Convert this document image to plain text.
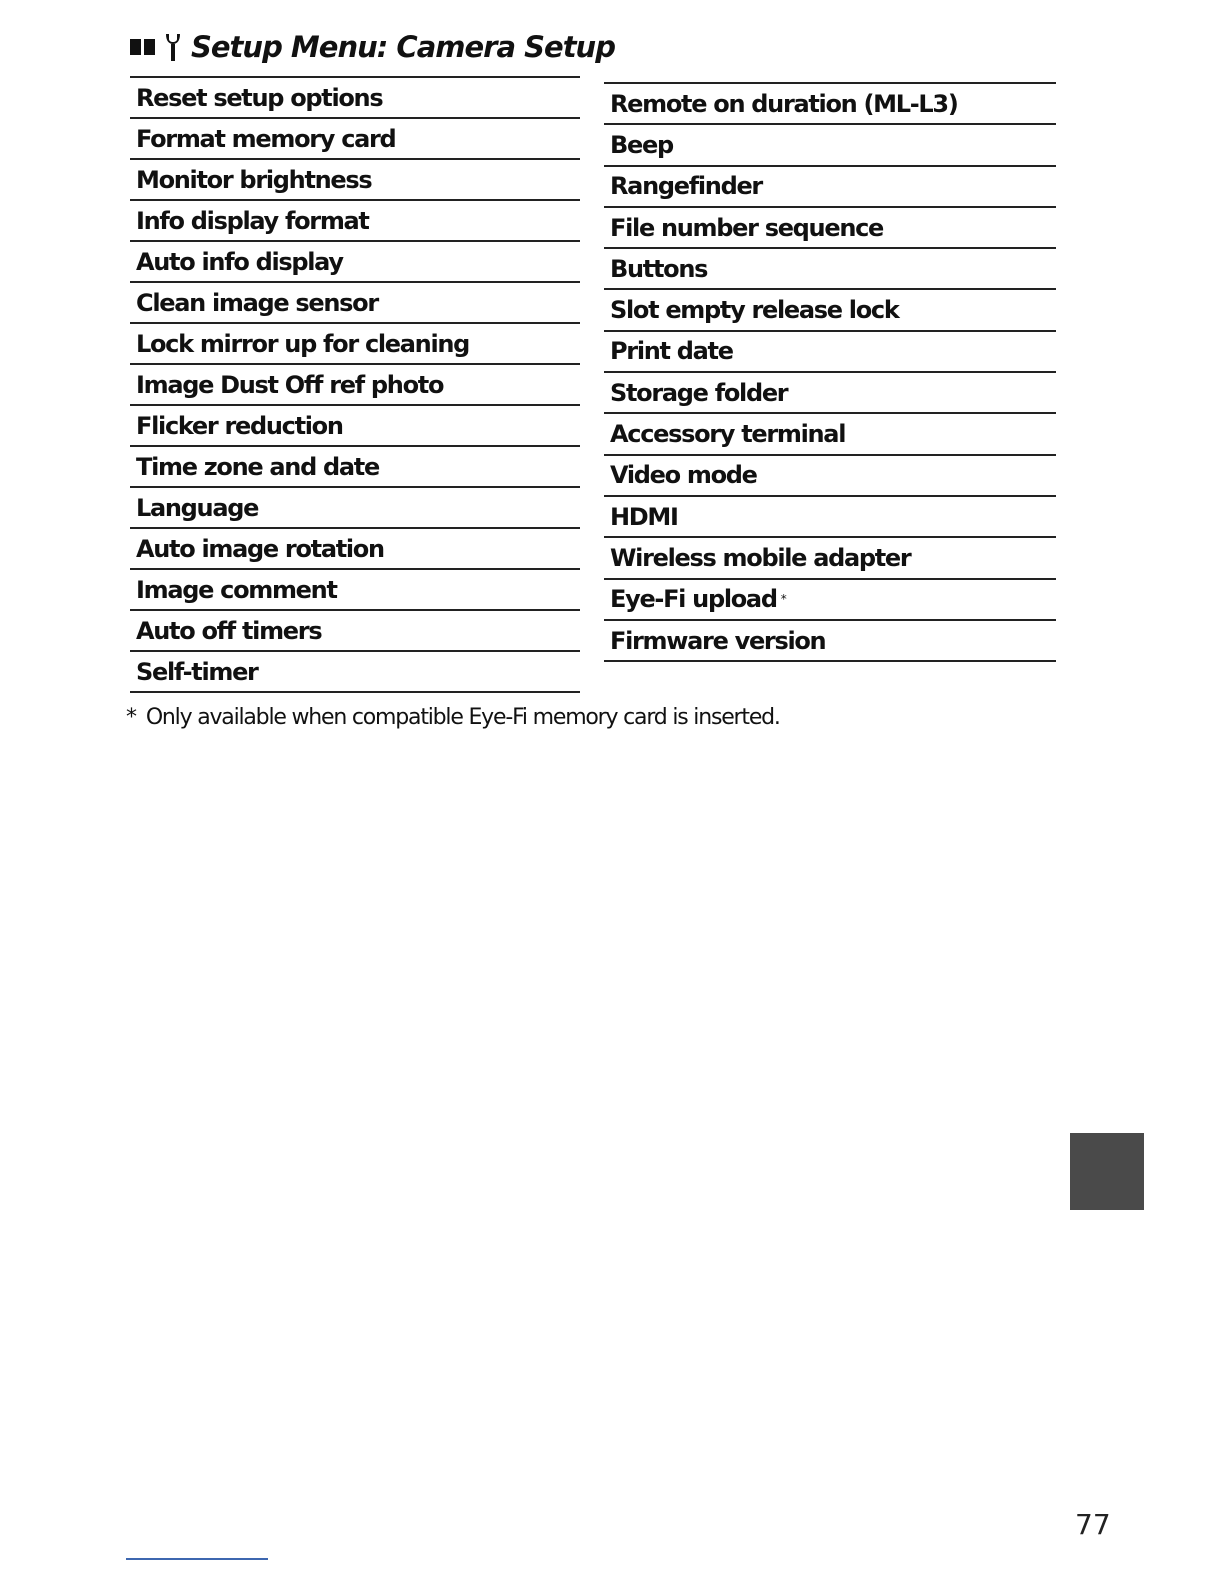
Setup Menu: Camera Setup
Reset setup options
Format memory card
Monitor brightness
Info display format
Auto info display
Clean image sensor
Lock mirror up for cleaning
Image Dust Off ref photo
Flicker reduction
Time zone and date
Language
Auto image rotation
Image comment
Auto off timers
Self-timer
Remote on duration (ML-L3)
Beep
Rangefinder
File number sequence
Buttons
Slot empty release lock
Print date
Storage folder
Accessory terminal
Video mode
HDMI
Wireless mobile adapter
Eye-Fi upload *
Firmware version
* Only available when compatible Eye-Fi memory card is inserted.
77
